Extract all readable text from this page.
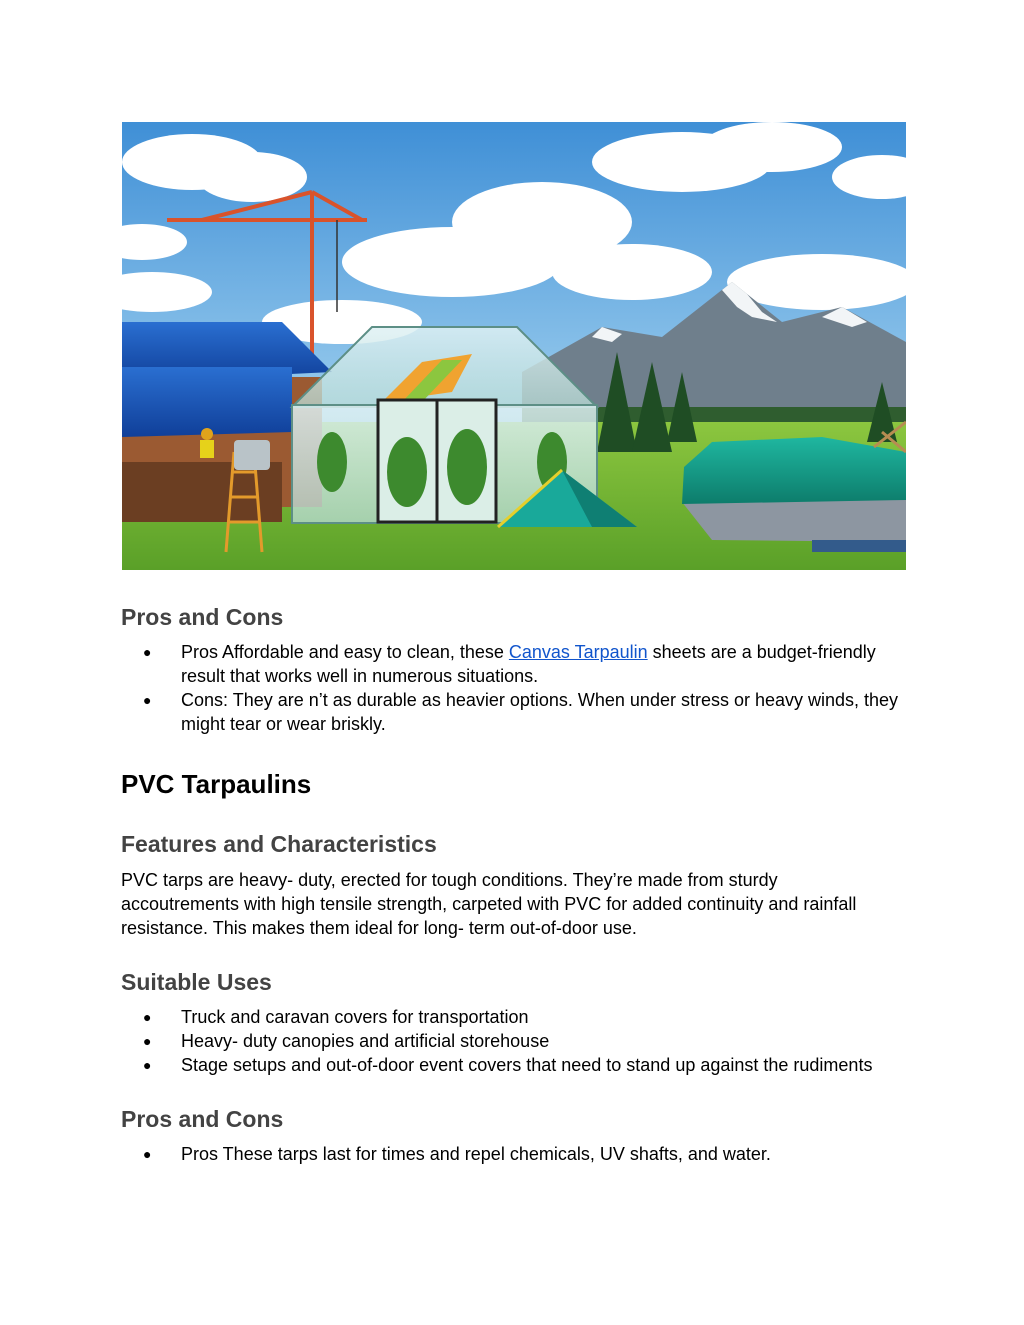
Pros and Cons
● Pros Affordable and easy to clean, these Canvas Tarpaulin sheets are a budget-friendly result that works well in numerous situations.
● Cons: They are n’t as durable as heavier options. When under stress or heavy winds, they might tear or wear briskly.
PVC Tarpaulins
Features and Characteristics

PVC tarps are heavy- duty, erected for tough conditions. They’re made from sturdy accoutrements with high tensile strength, carpeted with PVC for added continuity and rainfall resistance. This makes them ideal for long- term out-of-door use.

Suitable Uses
● Truck and caravan covers for transportation
● Heavy- duty canopies and artificial storehouse
● Stage setups and out-of-door event covers that need to stand up against the rudiments
Pros and Cons
● Pros These tarps last for times and repel chemicals, UV shafts, and water.
